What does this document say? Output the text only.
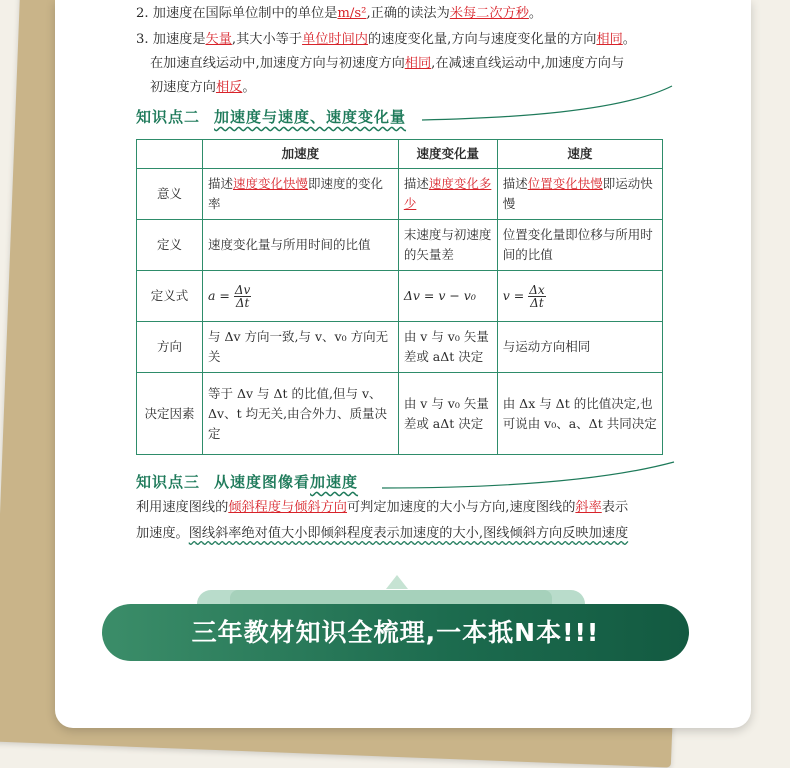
2. 加速度在国际单位制中的单位是m/s²,正确的读法为米每二次方秒。
3. 加速度是矢量,其大小等于单位时间内的速度变化量,方向与速度变化量的方向相同。
在加速直线运动中,加速度方向与初速度方向相同,在减速直线运动中,加速度方向与
初速度方向相反。
知识点二 加速度与速度、速度变化量
	加速度	速度变化量	速度
意义	描述速度变化快慢即速度的变化率	描述速度变化多少	描述位置变化快慢即运动快慢
定义	速度变化量与所用时间的比值	末速度与初速度的矢量差	位置变化量即位移与所用时间的比值
定义式	$a = \frac{\Delta v}{\Delta t}$	Δv = v − v₀	$v = \frac{\Delta x}{\Delta t}$

方向	与 Δv 方向一致,与 v、v₀ 方向无关	由 v 与 v₀ 矢量差或 aΔt 决定	与运动方向相同
决定因素	等于 Δv 与 Δt 的比值,但与 v、Δv、t 均无关,由合外力、质量决定	由 v 与 v₀ 矢量差或 aΔt 决定	由 Δx 与 Δt 的比值决定,也可说由 v₀、a、Δt 共同决定
知识点三 从速度图像看加速度
利用速度图线的倾斜程度与倾斜方向可判定加速度的大小与方向,速度图线的斜率表示
加速度。图线斜率绝对值大小即倾斜程度表示加速度的大小,图线倾斜方向反映加速度
三年教材知识全梳理,一本抵N本!!!
